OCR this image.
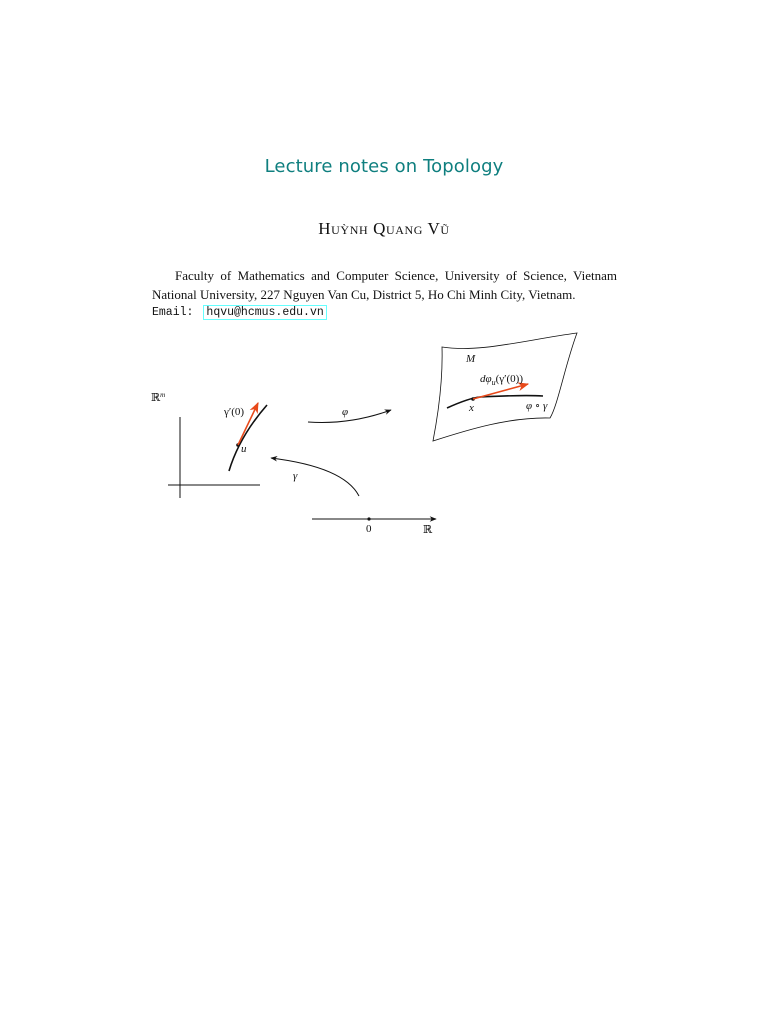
Lecture notes on Topology
Huỳnh Quang Vũ
Faculty of Mathematics and Computer Science, University of Science, Vietnam National University, 227 Nguyen Van Cu, District 5, Ho Chi Minh City, Vietnam.
Email: hqvu@hcmus.edu.vn
ℝ$^m$
γ′(0)
u
φ
γ
0	ℝ
M
x
$d\varphi_u(\gamma'(0))$
φ ∘ γ
